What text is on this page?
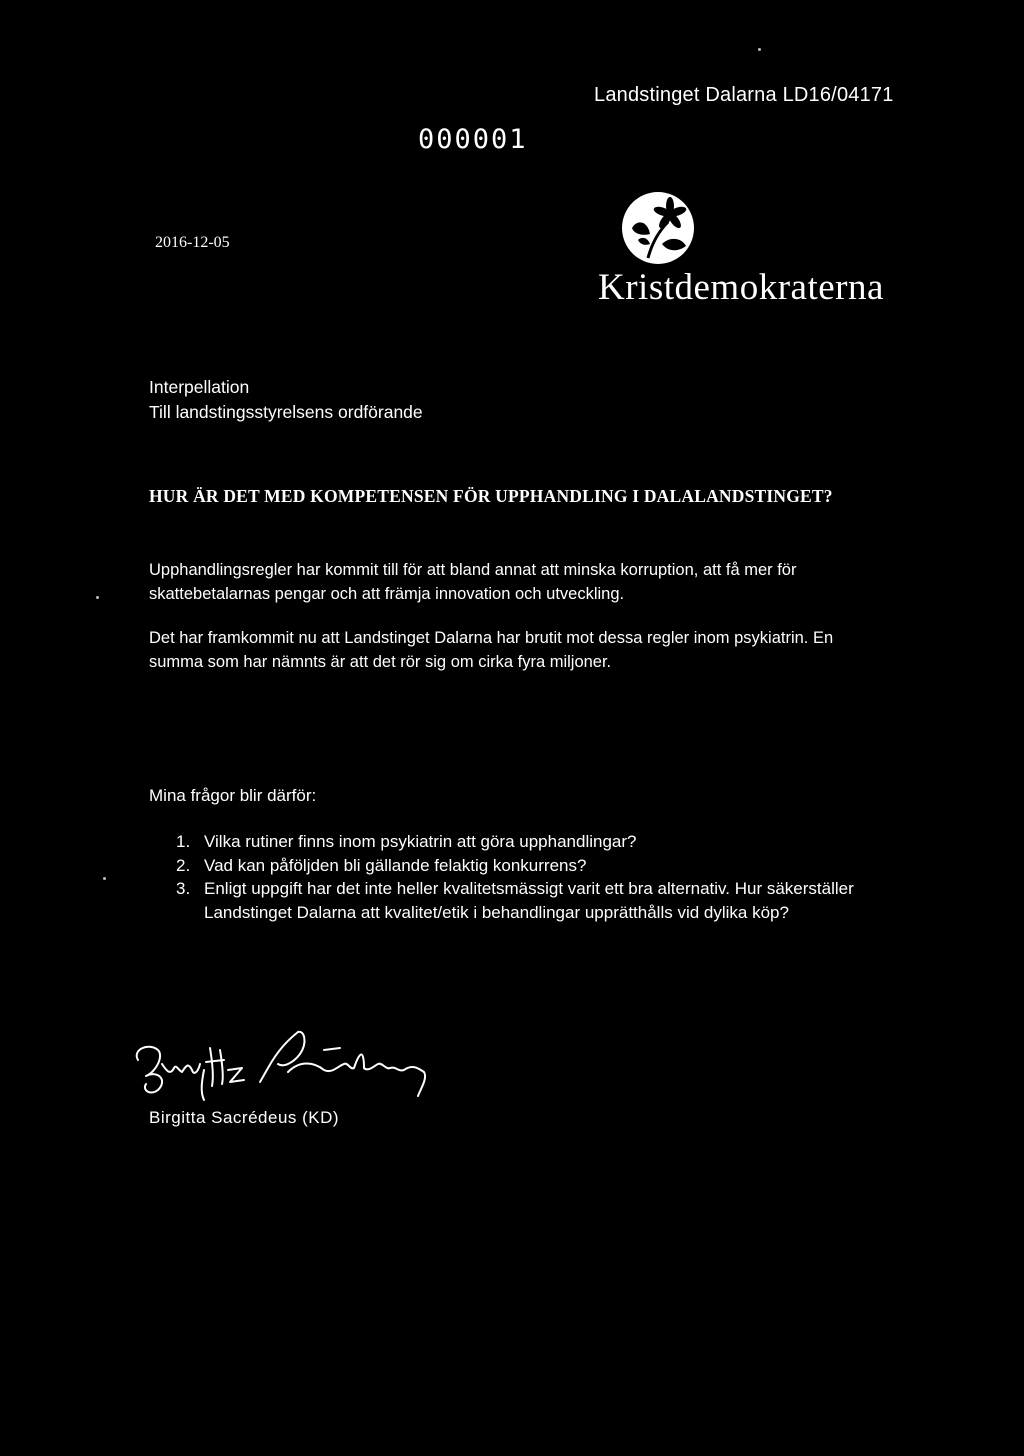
Landstinget Dalarna LD16/04171
000001
2016-12-05
Kristdemokraterna
Interpellation
Till landstingsstyrelsens ordförande
HUR ÄR DET MED KOMPETENSEN FÖR UPPHANDLING I DALALANDSTINGET?
Upphandlingsregler har kommit till för att bland annat att minska korruption, att få mer för skattebetalarnas pengar och att främja innovation och utveckling.
Det har framkommit nu att Landstinget Dalarna har brutit mot dessa regler inom psykiatrin. En summa som har nämnts är att det rör sig om cirka fyra miljoner.
Mina frågor blir därför:
1. Vilka rutiner finns inom psykiatrin att göra upphandlingar?
2. Vad kan påföljden bli gällande felaktig konkurrens?
3. Enligt uppgift har det inte heller kvalitetsmässigt varit ett bra alternativ. Hur säkerställer Landstinget Dalarna att kvalitet/etik i behandlingar upprätthålls vid dylika köp?
Birgitta Sacrédeus (KD)
